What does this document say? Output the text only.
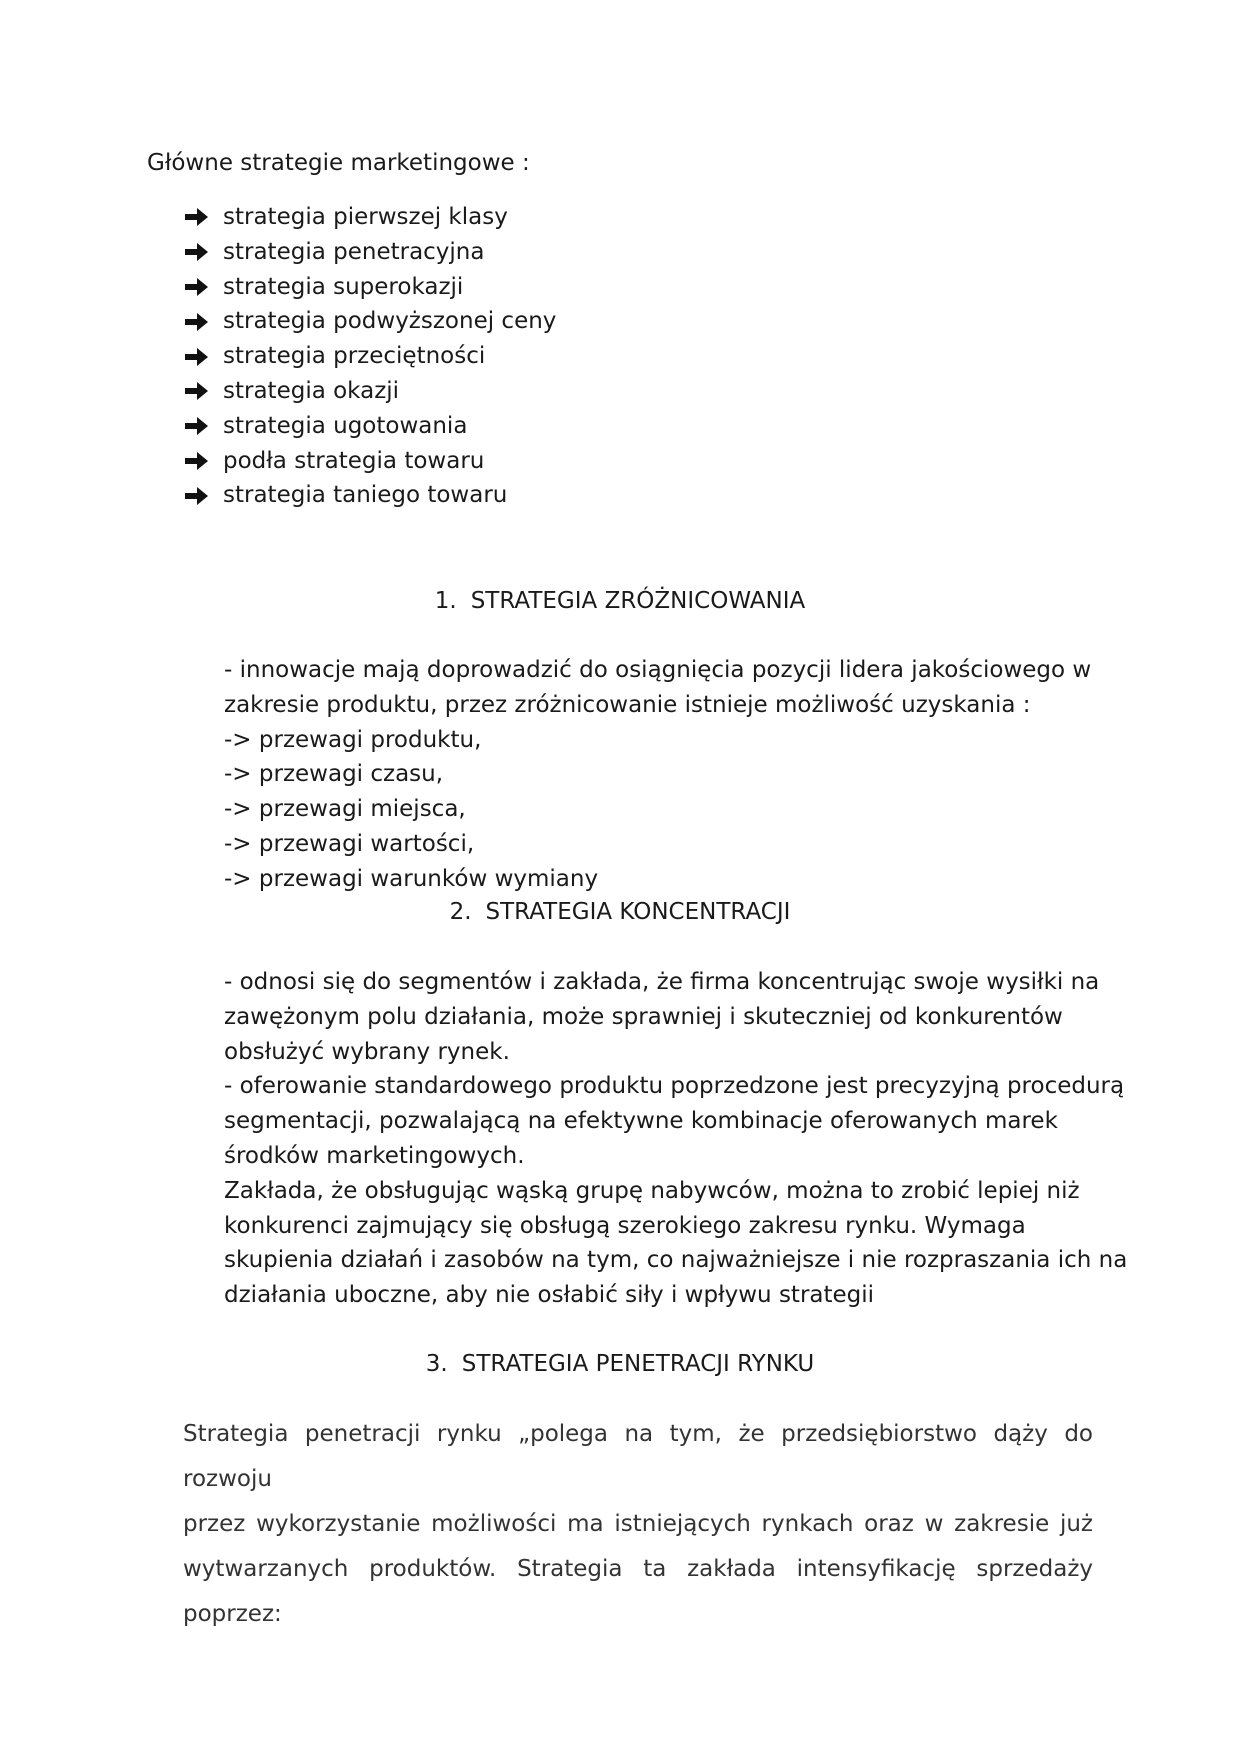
Główne strategie marketingowe :

strategia pierwszej klasy
strategia penetracyjna
strategia superokazji
strategia podwyższonej ceny
strategia przeciętności
strategia okazji
strategia ugotowania
podła strategia towaru
strategia taniego towaru
1. STRATEGIA ZRÓŻNICOWANIA

- innowacje mają doprowadzić do osiągnięcia pozycji lidera jakościowego w

zakresie produktu, przez zróżnicowanie istnieje możliwość uzyskania :

-> przewagi produktu,

-> przewagi czasu,

-> przewagi miejsca,

-> przewagi wartości,

-> przewagi warunków wymiany

2. STRATEGIA KONCENTRACJI

- odnosi się do segmentów i zakłada, że firma koncentrując swoje wysiłki na

zawężonym polu działania, może sprawniej i skuteczniej od konkurentów

obsłużyć wybrany rynek.

- oferowanie standardowego produktu poprzedzone jest precyzyjną procedurą

segmentacji, pozwalającą na efektywne kombinacje oferowanych marek

środków marketingowych.

Zakłada, że obsługując wąską grupę nabywców, można to zrobić lepiej niż

konkurenci zajmujący się obsługą szerokiego zakresu rynku. Wymaga

skupienia działań i zasobów na tym, co najważniejsze i nie rozpraszania ich na

działania uboczne, aby nie osłabić siły i wpływu strategii

3. STRATEGIA PENETRACJI RYNKU
Strategia penetracji rynku „polega na tym, że przedsiębiorstwo dąży do rozwoju
przez wykorzystanie możliwości ma istniejących rynkach oraz w zakresie już
wytwarzanych produktów. Strategia ta zakłada intensyfikację sprzedaży poprzez:
